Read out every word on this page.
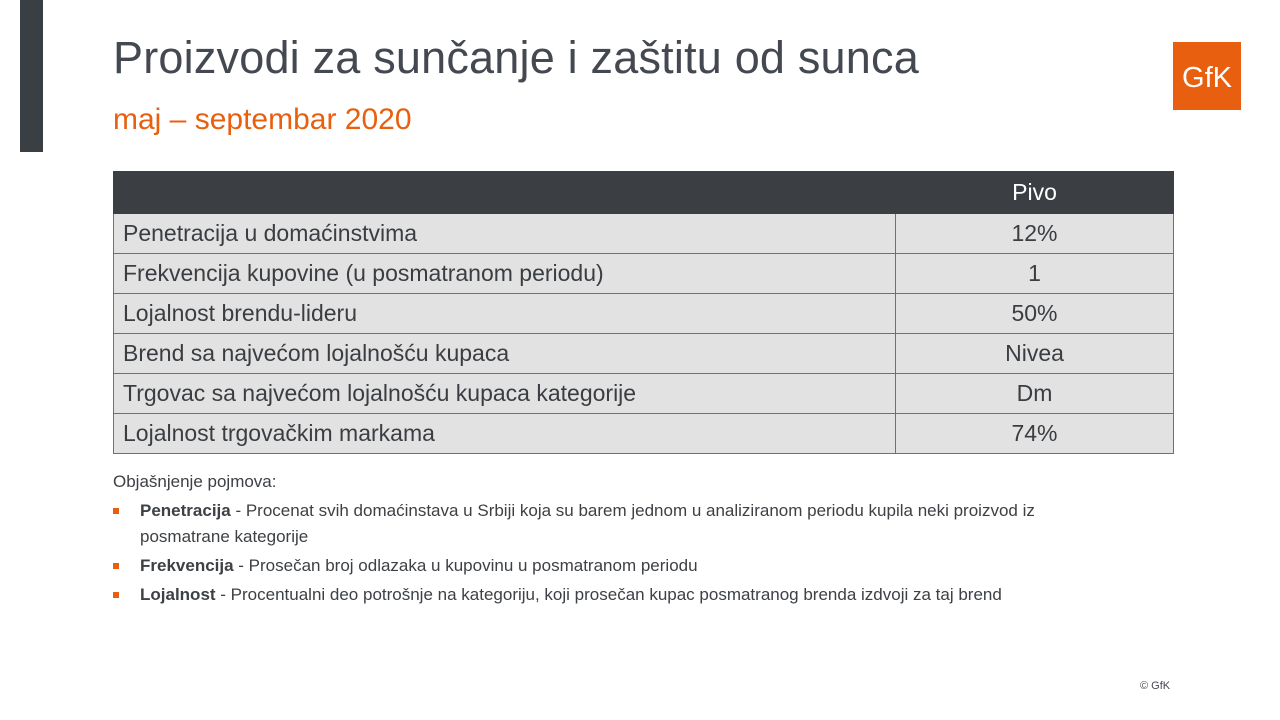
Proizvodi za sunčanje i zaštitu od sunca
maj – septembar 2020
GfK
	Pivo
Penetracija u domaćinstvima	12%
Frekvencija kupovine (u posmatranom periodu)	1
Lojalnost brendu-lideru	50%
Brend sa najvećom lojalnošću kupaca	Nivea
Trgovac sa najvećom lojalnošću kupaca kategorije	Dm
Lojalnost trgovačkim markama	74%

Objašnjenje pojmova:

Penetracija - Procenat svih domaćinstava u Srbiji koja su barem jednom u analiziranom periodu kupila neki proizvod iz posmatrane kategorije
Frekvencija - Prosečan broj odlazaka u kupovinu u posmatranom periodu
Lojalnost - Procentualni deo potrošnje na kategoriju, koji prosečan kupac posmatranog brenda izdvoji za taj brend
© GfK
